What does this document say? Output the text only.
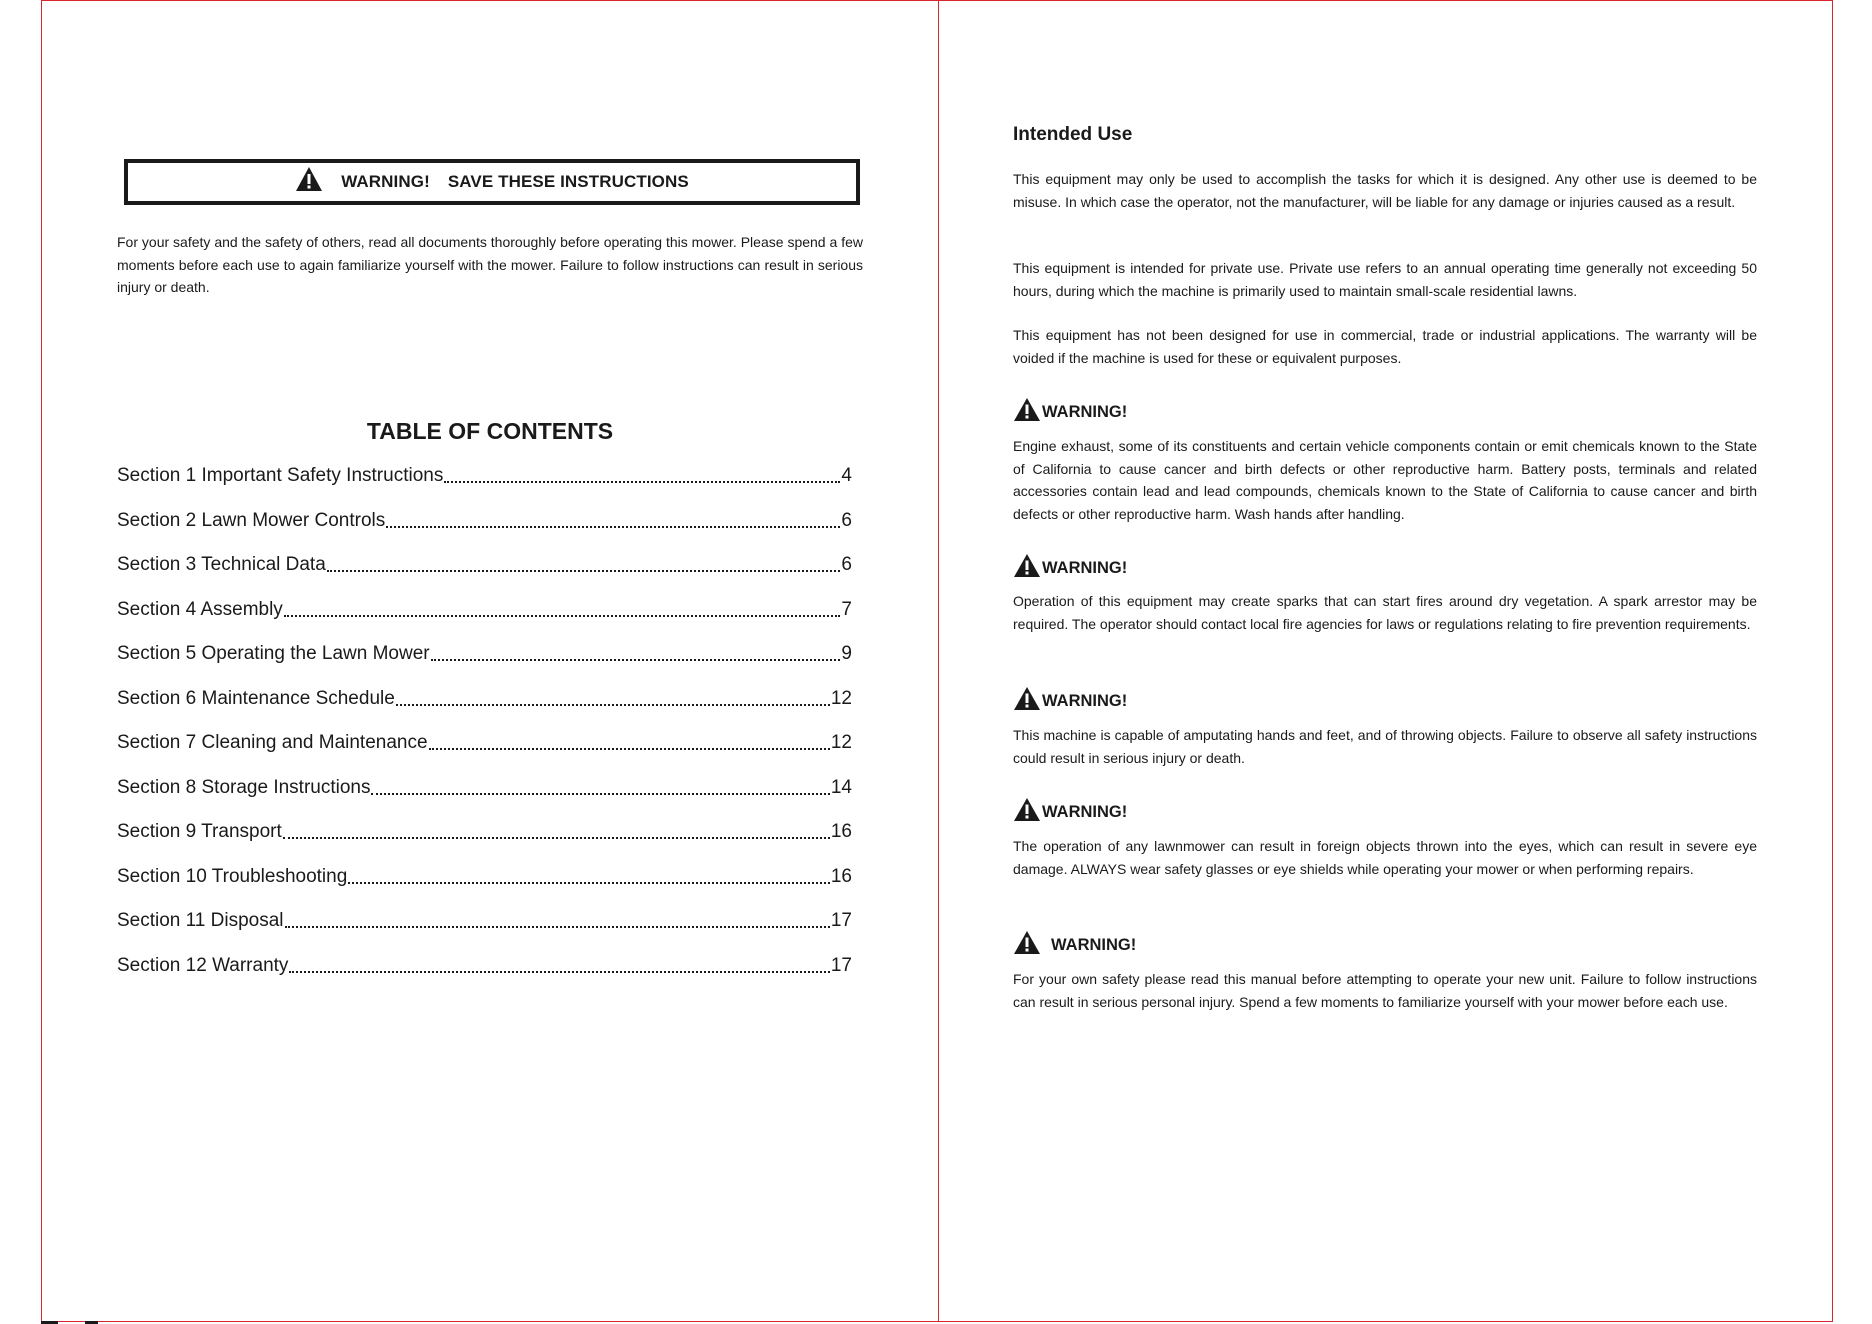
WARNING! SAVE THESE INSTRUCTIONS
For your safety and the safety of others, read all documents thoroughly before operating this mower. Please spend a few moments before each use to again familiarize yourself with the mower. Failure to follow instructions can result in serious injury or death.
TABLE OF CONTENTS
Section 1 Important Safety Instructions	4
Section 2 Lawn Mower Controls	6
Section 3 Technical Data	6
Section 4 Assembly	7
Section 5 Operating the Lawn Mower	9
Section 6 Maintenance Schedule	12
Section 7 Cleaning and Maintenance	12
Section 8 Storage Instructions	14
Section 9 Transport	16
Section 10 Troubleshooting	16
Section 11 Disposal	17
Section 12 Warranty	17
Intended Use
This equipment may only be used to accomplish the tasks for which it is designed. Any other use is deemed to be misuse. In which case the operator, not the manufacturer, will be liable for any damage or injuries caused as a result.
This equipment is intended for private use. Private use refers to an annual operating time generally not exceeding 50 hours, during which the machine is primarily used to maintain small-scale residential lawns.
This equipment has not been designed for use in commercial, trade or industrial applications. The warranty will be voided if the machine is used for these or equivalent purposes.
WARNING!
Engine exhaust, some of its constituents and certain vehicle components contain or emit chemicals known to the State of California to cause cancer and birth defects or other reproductive harm. Battery posts, terminals and related accessories contain lead and lead compounds, chemicals known to the State of California to cause cancer and birth defects or other reproductive harm. Wash hands after handling.
WARNING!
Operation of this equipment may create sparks that can start fires around dry vegetation. A spark arrestor may be required. The operator should contact local fire agencies for laws or regulations relating to fire prevention requirements.
WARNING!
This machine is capable of amputating hands and feet, and of throwing objects. Failure to observe all safety instructions could result in serious injury or death.
WARNING!
The operation of any lawnmower can result in foreign objects thrown into the eyes, which can result in severe eye damage. ALWAYS wear safety glasses or eye shields while operating your mower or when performing repairs.
WARNING!
For your own safety please read this manual before attempting to operate your new unit. Failure to follow instructions can result in serious personal injury. Spend a few moments to familiarize yourself with your mower before each use.
